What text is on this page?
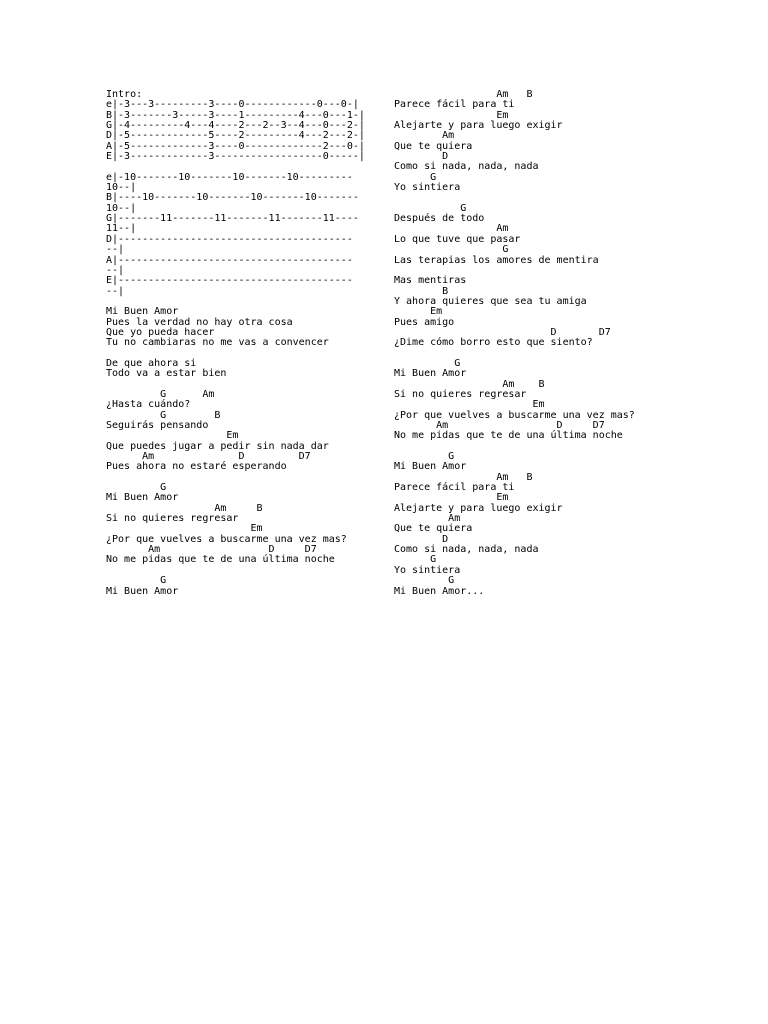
Intro:
e|-3---3---------3----0------------0---0-|
B|-3-------3-----3----1---------4---0---1-|
G|-4---------4---4----2---2--3--4---0---2-|
D|-5-------------5----2---------4---2---2-|
A|-5-------------3----0-------------2---0-|
E|-3-------------3------------------0-----|
e|-10-------10-------10-------10---------
10--|
B|----10-------10-------10-------10-------
10--|
G|-------11-------11-------11-------11----
11--|
D|---------------------------------------
--|
A|---------------------------------------
--|
E|---------------------------------------
--|
Mi Buen Amor
Pues la verdad no hay otra cosa
Que yo pueda hacer
Tu no cambiaras no me vas a convencer
De que ahora si
Todo va a estar bien
G      Am
¿Hasta cuándo?
G        B
Seguirás pensando
Em
Que puedes jugar a pedir sin nada dar
Am              D         D7
Pues ahora no estaré esperando
G
Mi Buen Amor
Am     B
Si no quieres regresar
Em
¿Por que vuelves a buscarme una vez mas?
Am                  D     D7
No me pidas que te de una última noche
G
Mi Buen Amor
Am   B
Parece fácil para ti
Em
Alejarte y para luego exigir
Am
Que te quiera
D
Como si nada, nada, nada
G
Yo sintiera
G
Después de todo
Am
Lo que tuve que pasar
G
Las terapias los amores de mentira
Mas mentiras
B
Y ahora quieres que sea tu amiga
Em
Pues amigo
D       D7
¿Dime cómo borro esto que siento?
G
Mi Buen Amor
Am    B
Si no quieres regresar
Em
¿Por que vuelves a buscarme una vez mas?
Am                  D     D7
No me pidas que te de una última noche
G
Mi Buen Amor
Am   B
Parece fácil para ti
Em
Alejarte y para luego exigir
Am
Que te quiera
D
Como si nada, nada, nada
G
Yo sintiera
G
Mi Buen Amor...
